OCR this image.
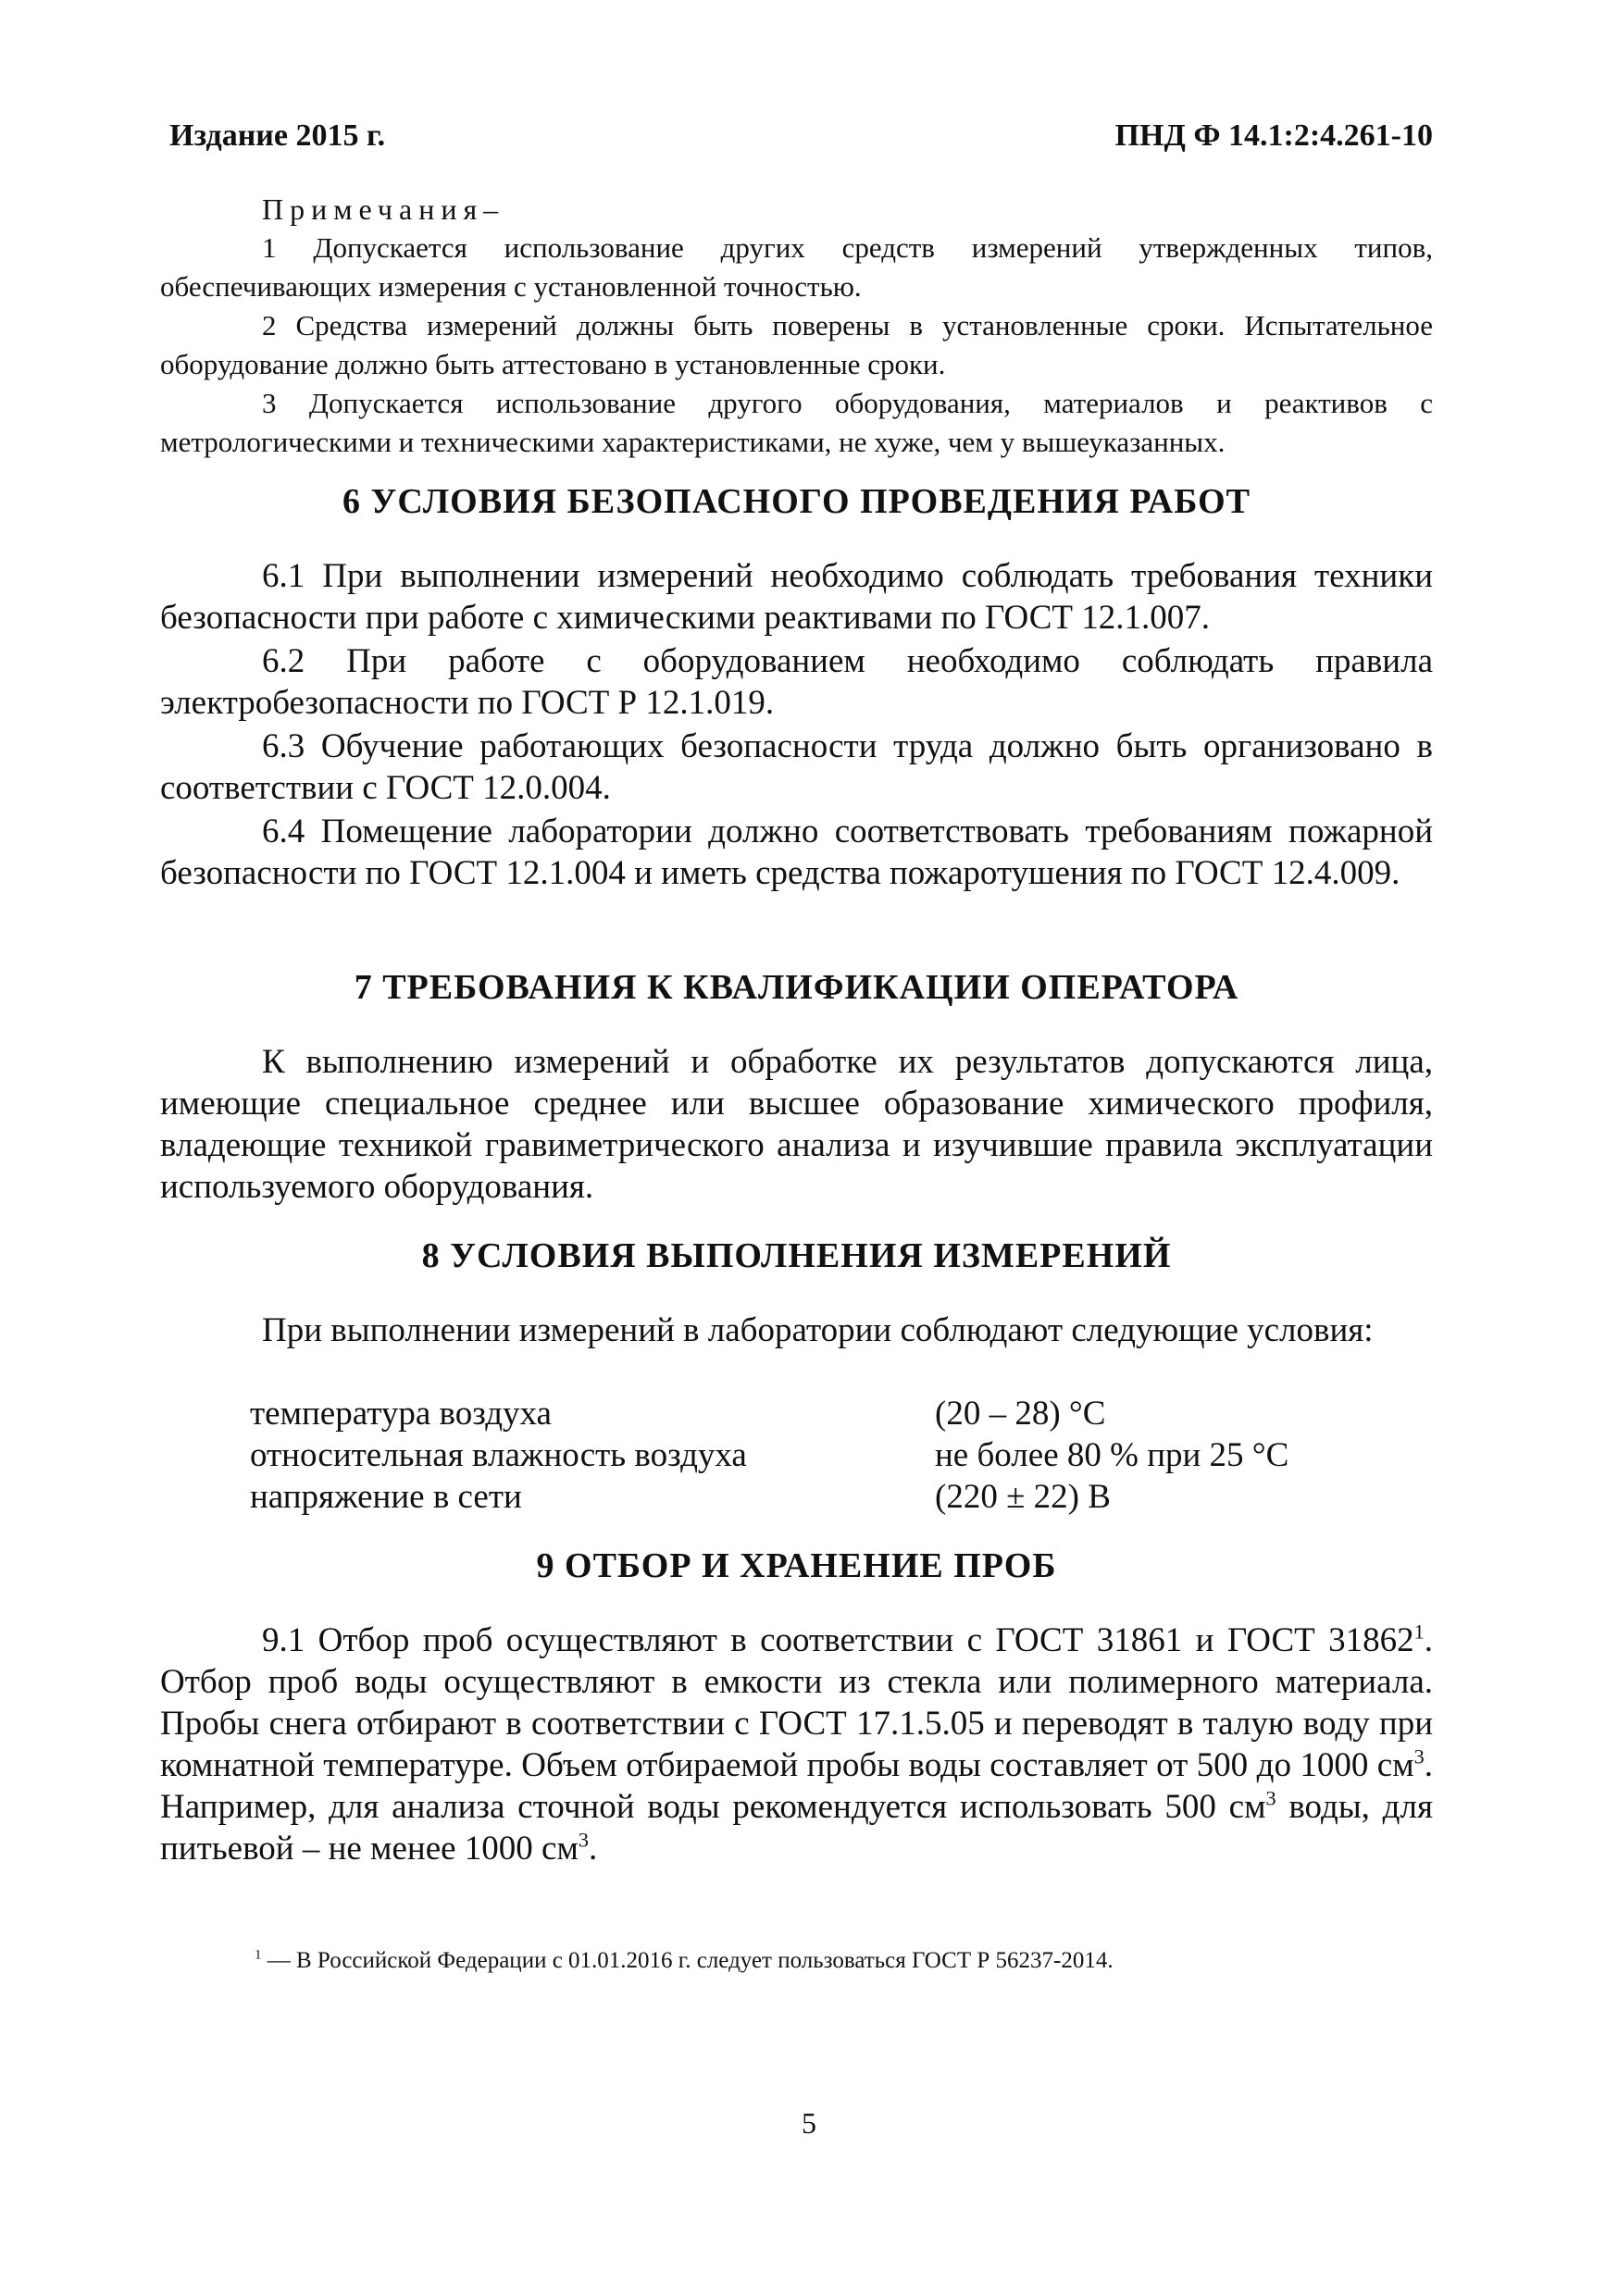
Издание 2015 г.	ПНД Ф 14.1:2:4.261-10

Примечания–

1 Допускается использование других средств измерений утвержденных типов, обеспечивающих измерения с установленной точностью.

2 Средства измерений должны быть поверены в установленные сроки. Испытательное оборудование должно быть аттестовано в установленные сроки.

3 Допускается использование другого оборудования, материалов и реактивов с метрологическими и техническими характеристиками, не хуже, чем у вышеуказанных.

6 УСЛОВИЯ БЕЗОПАСНОГО ПРОВЕДЕНИЯ РАБОТ

6.1 При выполнении измерений необходимо соблюдать требования техники безопасности при работе с химическими реактивами по ГОСТ 12.1.007.

6.2 При работе с оборудованием необходимо соблюдать правила электробезопасности по ГОСТ Р 12.1.019.

6.3 Обучение работающих безопасности труда должно быть организовано в соответствии с ГОСТ 12.0.004.

6.4 Помещение лаборатории должно соответствовать требованиям пожарной безопасности по ГОСТ 12.1.004 и иметь средства пожаротушения по ГОСТ 12.4.009.

7 ТРЕБОВАНИЯ К КВАЛИФИКАЦИИ ОПЕРАТОРА

К выполнению измерений и обработке их результатов допускаются лица, имеющие специальное среднее или высшее образование химического профиля, владеющие техникой гравиметрического анализа и изучившие правила эксплуатации используемого оборудования.

8 УСЛОВИЯ ВЫПОЛНЕНИЯ ИЗМЕРЕНИЙ

При выполнении измерений в лаборатории соблюдают следующие условия:

температура воздуха	(20 – 28) °С
относительная влажность воздуха	не более 80 % при 25 °С
напряжение в сети	(220 ± 22) В
9 ОТБОР И ХРАНЕНИЕ ПРОБ

9.1 Отбор проб осуществляют в соответствии с ГОСТ 31861 и ГОСТ 31862$^1$. Отбор проб воды осуществляют в емкости из стекла или полимерного материала. Пробы снега отбирают в соответствии с ГОСТ 17.1.5.05 и переводят в талую воду при комнатной температуре. Объем отбираемой пробы воды составляет от 500 до 1000 $см^3$. Например, для анализа сточной воды рекомендуется использовать 500 $см^3$ воды, для питьевой – не менее 1000 $см^3$.

$^1$ — В Российской Федерации с 01.01.2016 г. следует пользоваться ГОСТ Р 56237-2014.
5
